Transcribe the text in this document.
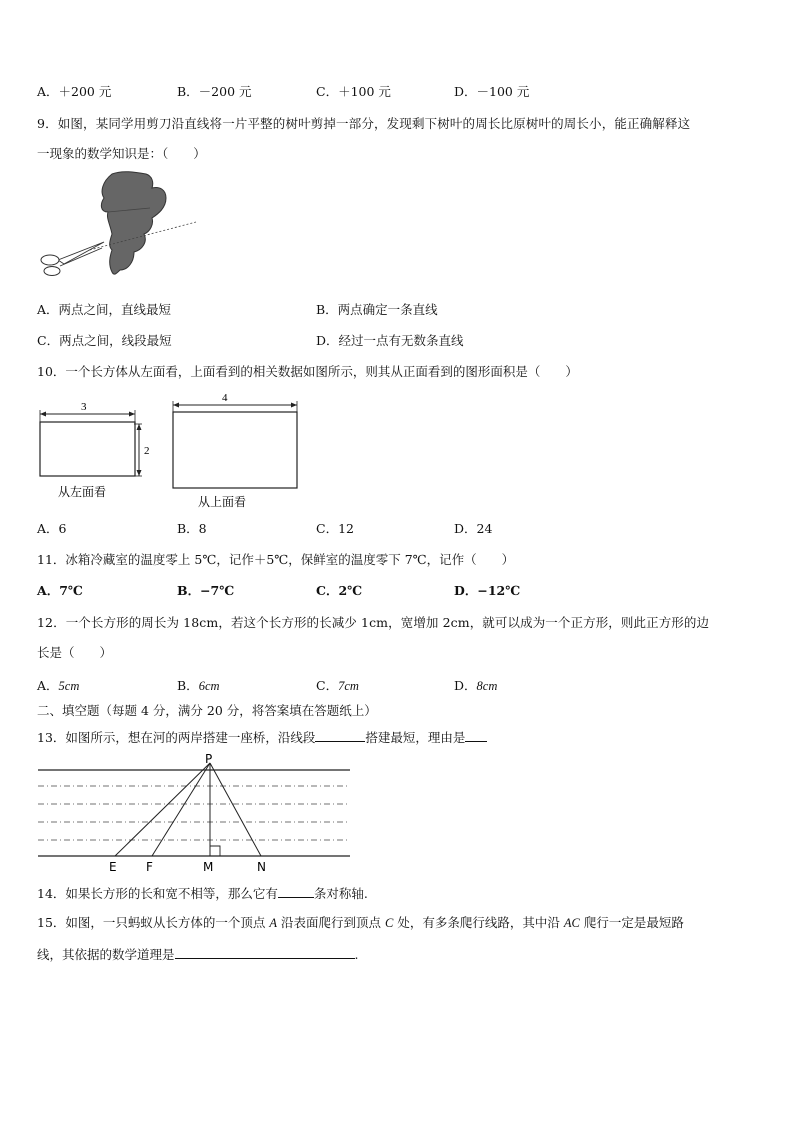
A．＋200 元	B．－200 元	C．＋100 元	D．－100 元
9．如图，某同学用剪刀沿直线将一片平整的树叶剪掉一部分，发现剩下树叶的周长比原树叶的周长小，能正确解释这
一现象的数学知识是：（　　）
A．两点之间，直线最短	B．两点确定一条直线
C．两点之间，线段最短	D．经过一点有无数条直线
10．一个长方体从左面看，上面看到的相关数据如图所示，则其从正面看到的图形面积是（　　）
3
2
从左面看
4
从上面看
A．6	B．8	C．12	D．24
11．冰箱冷藏室的温度零上 5℃，记作＋5℃，保鲜室的温度零下 7℃，记作（　　）
A．7℃	B．−7℃	C．2℃	D．−12℃
12．一个长方形的周长为 18cm，若这个长方形的长减少 1cm，宽增加 2cm，就可以成为一个正方形，则此正方形的边
长是（　　）
A．5cm	B．6cm	C．7cm	D．8cm
二、填空题（每题 4 分，满分 20 分，将答案填在答题纸上）
13．如图所示，想在河的两岸搭建一座桥，沿线段	搭建最短，理由是
P
E F	M	N
14．如果长方形的长和宽不相等，那么它有	条对称轴.
15．如图，一只蚂蚁从长方体的一个顶点 A 沿表面爬行到顶点 C 处，有多条爬行线路，其中沿 AC 爬行一定是最短路
线，其依据的数学道理是	.
